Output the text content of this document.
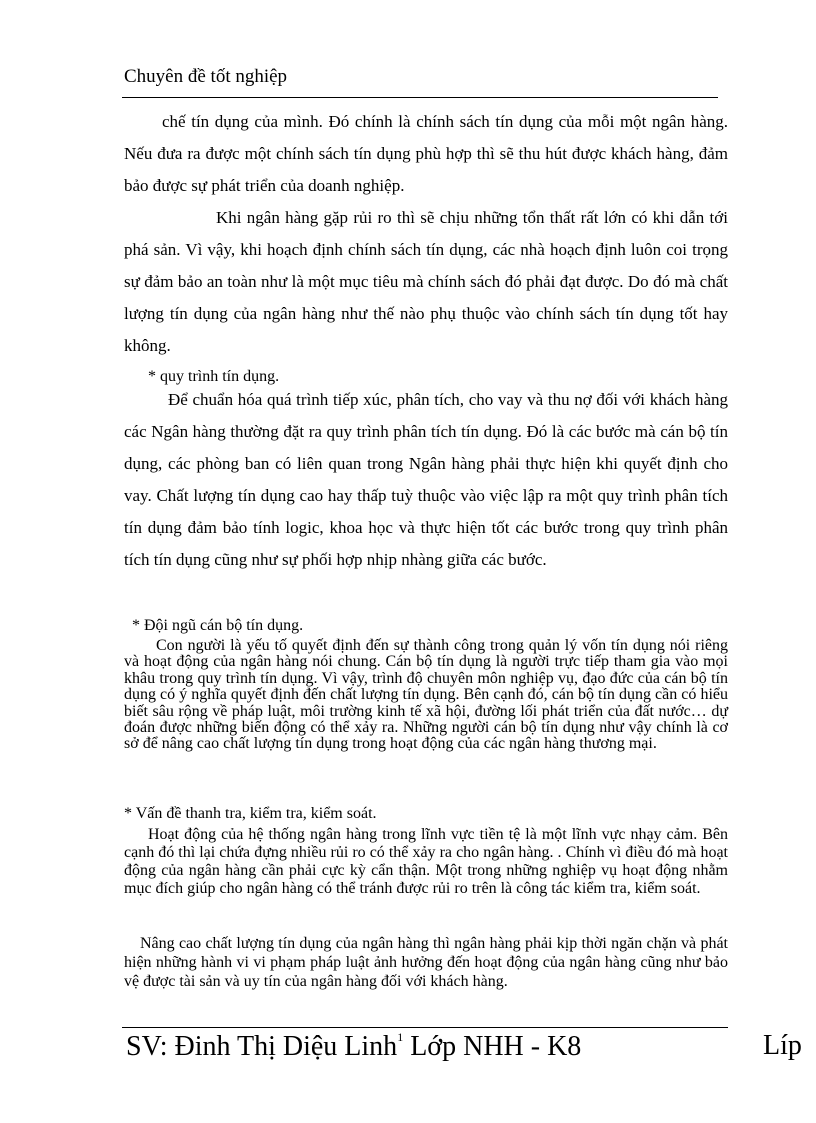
Chuyên đề tốt nghiệp

chế tín dụng của mình. Đó chính là chính sách tín dụng của mỗi một ngân hàng. Nếu đưa ra được một chính sách tín dụng phù hợp thì sẽ thu hút được khách hàng, đảm bảo được sự phát triển của doanh nghiệp.

Khi ngân hàng gặp rủi ro thì sẽ chịu những tổn thất rất lớn có khi dẫn tới phá sản. Vì vậy, khi hoạch định chính sách tín dụng, các nhà hoạch định luôn coi trọng sự đảm bảo an toàn như là một mục tiêu mà chính sách đó phải đạt được. Do đó mà chất lượng tín dụng của ngân hàng như thế nào phụ thuộc vào chính sách tín dụng tốt hay không.

* quy trình tín dụng.

Để chuẩn hóa quá trình tiếp xúc, phân tích, cho vay và thu nợ đối với khách hàng các Ngân hàng thường đặt ra quy trình phân tích tín dụng. Đó là các bước mà cán bộ tín dụng, các phòng ban có liên quan trong Ngân hàng phải thực hiện khi quyết định cho vay. Chất lượng tín dụng cao hay thấp tuỳ thuộc vào việc lập ra một quy trình phân tích tín dụng đảm bảo tính logic, khoa học và thực hiện tốt các bước trong quy trình phân tích tín dụng cũng như sự phối hợp nhịp nhàng giữa các bước.

* Đội ngũ cán bộ tín dụng.

Con người là yếu tố quyết định đến sự thành công trong quản lý vốn tín dụng nói riêng và hoạt động của ngân hàng nói chung. Cán bộ tín dụng là người trực tiếp tham gia vào mọi khâu trong quy trình tín dụng. Vì vậy, trình độ chuyên môn nghiệp vụ, đạo đức của cán bộ tín dụng có ý nghĩa quyết định đến chất lượng tín dụng. Bên cạnh đó, cán bộ tín dụng cần có hiểu biết sâu rộng về pháp luật, môi trường kinh tế xã hội, đường lối phát triển của đất nước… dự đoán được những biến động có thể xảy ra. Những người cán bộ tín dụng như vậy chính là cơ sở để nâng cao chất lượng tín dụng trong hoạt động của các ngân hàng thương mại.

* Vấn đề thanh tra, kiểm tra, kiểm soát.

Hoạt động của hệ thống ngân hàng trong lĩnh vực tiền tệ là một lĩnh vực nhạy cảm. Bên cạnh đó thì lại chứa đựng nhiều rủi ro có thể xảy ra cho ngân hàng. . Chính vì điều đó mà hoạt động của ngân hàng cần phải cực kỳ cẩn thận. Một trong những nghiệp vụ hoạt động nhằm mục đích giúp cho ngân hàng có thể tránh được rủi ro trên là công tác kiểm tra, kiểm soát.

Nâng cao chất lượng tín dụng của ngân hàng thì ngân hàng phải kịp thời ngăn chặn và phát hiện những hành vi vi phạm pháp luật ảnh hưởng đến hoạt động của ngân hàng cũng như bảo vệ được tài sản và uy tín của ngân hàng đối với khách hàng.

SV: Đinh Thị Diệu Linh$^1$ Lớp NHH - K8	Líp
